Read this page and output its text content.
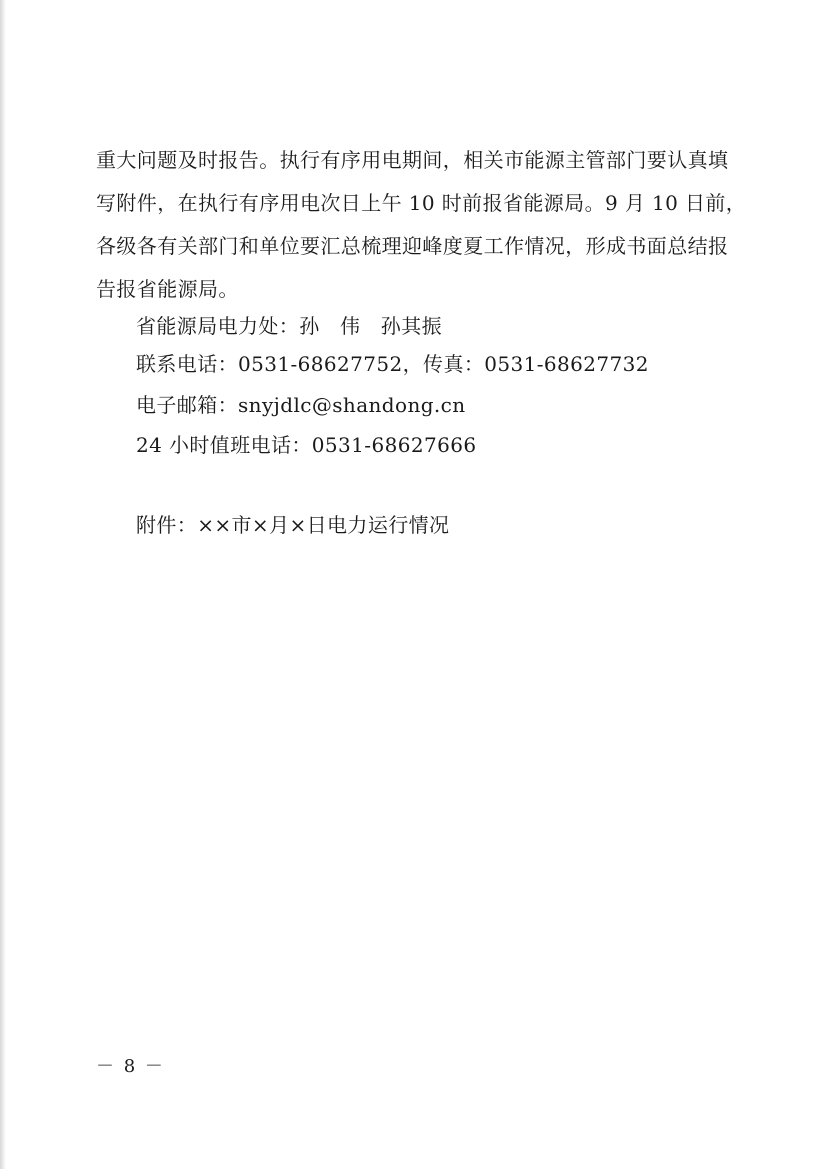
重大问题及时报告。执行有序用电期间，相关市能源主管部门要认真填
写附件，在执行有序用电次日上午 10 时前报省能源局。9 月 10 日前，
各级各有关部门和单位要汇总梳理迎峰度夏工作情况，形成书面总结报
告报省能源局。
省能源局电力处：孙　伟　孙其振
联系电话：0531-68627752，传真：0531-68627732
电子邮箱：snyjdlc@shandong.cn
24 小时值班电话：0531-68627666
附件：××市×月×日电力运行情况
－ 8 －
